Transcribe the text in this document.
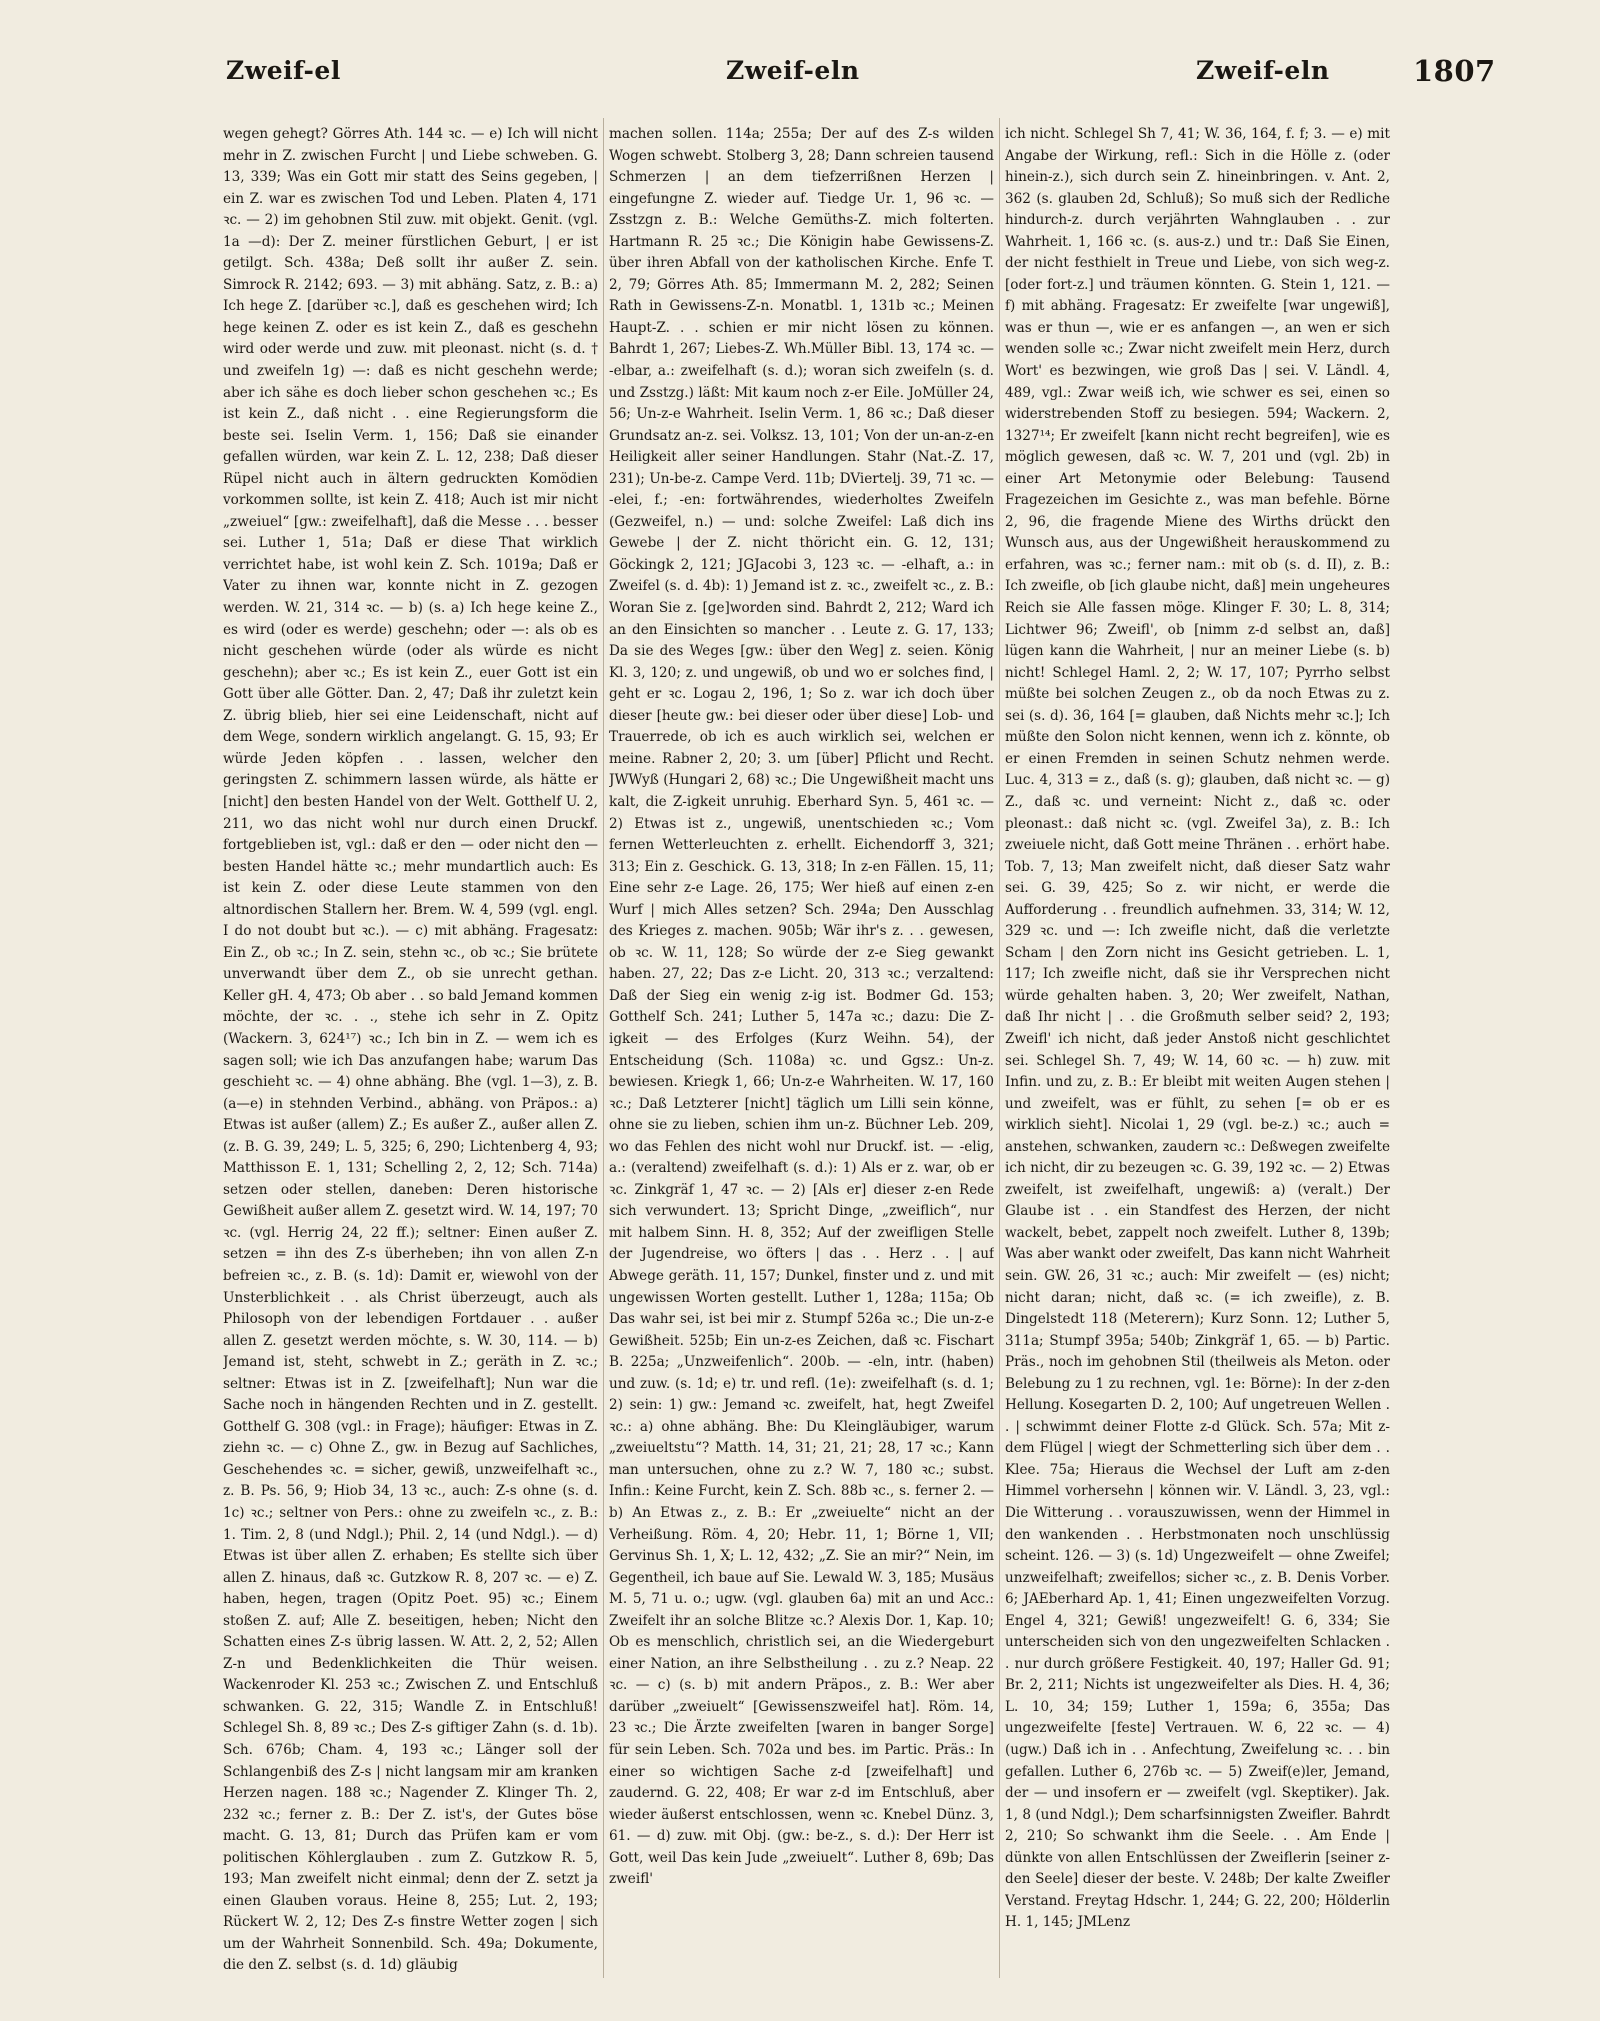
Zweif-el	Zweif-eln	Zweif-eln	1807

wegen gehegt? Görres Ath. 144 ꝛc. — e) Ich will nicht mehr in Z. zwischen Furcht | und Liebe schweben. G. 13, 339; Was ein Gott mir statt des Seins gegeben, | ein Z. war es zwischen Tod und Leben. Platen 4, 171 ꝛc. — 2) im gehobnen Stil zuw. mit objekt. Genit. (vgl. 1a —d): Der Z. meiner fürstlichen Geburt, | er ist getilgt. Sch. 438a; Deß sollt ihr außer Z. sein. Simrock R. 2142; 693. — 3) mit abhäng. Satz, z. B.: a) Ich hege Z. [darüber ꝛc.], daß es geschehen wird; Ich hege keinen Z. oder es ist kein Z., daß es geschehn wird oder werde und zuw. mit pleonast. nicht (s. d. † und zweifeln 1g) —: daß es nicht geschehn werde; aber ich sähe es doch lieber schon geschehen ꝛc.; Es ist kein Z., daß nicht . . eine Regierungsform die beste sei. Iselin Verm. 1, 156; Daß sie einander gefallen würden, war kein Z. L. 12, 238; Daß dieser Rüpel nicht auch in ältern gedruckten Komödien vorkommen sollte, ist kein Z. 418; Auch ist mir nicht „zweiuel“ [gw.: zweifelhaft], daß die Messe . . . besser sei. Luther 1, 51a; Daß er diese That wirklich verrichtet habe, ist wohl kein Z. Sch. 1019a; Daß er Vater zu ihnen war, konnte nicht in Z. gezogen werden. W. 21, 314 ꝛc. — b) (s. a) Ich hege keine Z., es wird (oder es werde) geschehn; oder —: als ob es nicht geschehen würde (oder als würde es nicht geschehn); aber ꝛc.; Es ist kein Z., euer Gott ist ein Gott über alle Götter. Dan. 2, 47; Daß ihr zuletzt kein Z. übrig blieb, hier sei eine Leidenschaft, nicht auf dem Wege, sondern wirklich angelangt. G. 15, 93; Er würde Jeden köpfen . . lassen, welcher den geringsten Z. schimmern lassen würde, als hätte er [nicht] den besten Handel von der Welt. Gotthelf U. 2, 211, wo das nicht wohl nur durch einen Druckf. fortgeblieben ist, vgl.: daß er den — oder nicht den — besten Handel hätte ꝛc.; mehr mundartlich auch: Es ist kein Z. oder diese Leute stammen von den altnordischen Stallern her. Brem. W. 4, 599 (vgl. engl. I do not doubt but ꝛc.). — c) mit abhäng. Fragesatz: Ein Z., ob ꝛc.; In Z. sein, stehn ꝛc., ob ꝛc.; Sie brütete unverwandt über dem Z., ob sie unrecht gethan. Keller gH. 4, 473; Ob aber . . so bald Jemand kommen möchte, der ꝛc. . ., stehe ich sehr in Z. Opitz (Wackern. 3, 624¹⁷) ꝛc.; Ich bin in Z. — wem ich es sagen soll; wie ich Das anzufangen habe; warum Das geschieht ꝛc. — 4) ohne abhäng. Bhe (vgl. 1—3), z. B. (a—e) in stehnden Verbind., abhäng. von Präpos.: a) Etwas ist außer (allem) Z.; Es außer Z., außer allen Z. (z. B. G. 39, 249; L. 5, 325; 6, 290; Lichtenberg 4, 93; Matthisson E. 1, 131; Schelling 2, 2, 12; Sch. 714a) setzen oder stellen, daneben: Deren historische Gewißheit außer allem Z. gesetzt wird. W. 14, 197; 70 ꝛc. (vgl. Herrig 24, 22 ff.); seltner: Einen außer Z. setzen = ihn des Z-s überheben; ihn von allen Z-n befreien ꝛc., z. B. (s. 1d): Damit er, wiewohl von der Unsterblichkeit . . als Christ überzeugt, auch als Philosoph von der lebendigen Fortdauer . . außer allen Z. gesetzt werden möchte, s. W. 30, 114. — b) Jemand ist, steht, schwebt in Z.; geräth in Z. ꝛc.; seltner: Etwas ist in Z. [zweifelhaft]; Nun war die Sache noch in hängenden Rechten und in Z. gestellt. Gotthelf G. 308 (vgl.: in Frage); häufiger: Etwas in Z. ziehn ꝛc. — c) Ohne Z., gw. in Bezug auf Sachliches, Geschehendes ꝛc. = sicher, gewiß, unzweifelhaft ꝛc., z. B. Ps. 56, 9; Hiob 34, 13 ꝛc., auch: Z-s ohne (s. d. 1c) ꝛc.; seltner von Pers.: ohne zu zweifeln ꝛc., z. B.: 1. Tim. 2, 8 (und Ndgl.); Phil. 2, 14 (und Ndgl.). — d) Etwas ist über allen Z. erhaben; Es stellte sich über allen Z. hinaus, daß ꝛc. Gutzkow R. 8, 207 ꝛc. — e) Z. haben, hegen, tragen (Opitz Poet. 95) ꝛc.; Einem stoßen Z. auf; Alle Z. beseitigen, heben; Nicht den Schatten eines Z-s übrig lassen. W. Att. 2, 2, 52; Allen Z-n und Bedenklichkeiten die Thür weisen. Wackenroder Kl. 253 ꝛc.; Zwischen Z. und Entschluß schwanken. G. 22, 315; Wandle Z. in Entschluß! Schlegel Sh. 8, 89 ꝛc.; Des Z-s giftiger Zahn (s. d. 1b). Sch. 676b; Cham. 4, 193 ꝛc.; Länger soll der Schlangenbiß des Z-s | nicht langsam mir am kranken Herzen nagen. 188 ꝛc.; Nagender Z. Klinger Th. 2, 232 ꝛc.; ferner z. B.: Der Z. ist's, der Gutes böse macht. G. 13, 81; Durch das Prüfen kam er vom politischen Köhlerglauben . zum Z. Gutzkow R. 5, 193; Man zweifelt nicht einmal; denn der Z. setzt ja einen Glauben voraus. Heine 8, 255; Lut. 2, 193; Rückert W. 2, 12; Des Z-s finstre Wetter zogen | sich um der Wahrheit Sonnenbild. Sch. 49a; Dokumente, die den Z. selbst (s. d. 1d) gläubig

machen sollen. 114a; 255a; Der auf des Z-s wilden Wogen schwebt. Stolberg 3, 28; Dann schreien tausend Schmerzen | an dem tiefzerrißnen Herzen | eingefungne Z. wieder auf. Tiedge Ur. 1, 96 ꝛc. — Zsstzgn z. B.: Welche Gemüths-Z. mich folterten. Hartmann R. 25 ꝛc.; Die Königin habe Gewissens-Z. über ihren Abfall von der katholischen Kirche. Enfe T. 2, 79; Görres Ath. 85; Immermann M. 2, 282; Seinen Rath in Gewissens-Z-n. Monatbl. 1, 131b ꝛc.; Meinen Haupt-Z. . . schien er mir nicht lösen zu können. Bahrdt 1, 267; Liebes-Z. Wh.Müller Bibl. 13, 174 ꝛc. — -elbar, a.: zweifelhaft (s. d.); woran sich zweifeln (s. d. und Zsstzg.) läßt: Mit kaum noch z-er Eile. JoMüller 24, 56; Un-z-e Wahrheit. Iselin Verm. 1, 86 ꝛc.; Daß dieser Grundsatz an-z. sei. Volksz. 13, 101; Von der un-an-z-en Heiligkeit aller seiner Handlungen. Stahr (Nat.-Z. 17, 231); Un-be-z. Campe Verd. 11b; DViertelj. 39, 71 ꝛc. — -elei, f.; -en: fortwährendes, wiederholtes Zweifeln (Gezweifel, n.) — und: solche Zweifel: Laß dich ins Gewebe | der Z. nicht thöricht ein. G. 12, 131; Göckingk 2, 121; JGJacobi 3, 123 ꝛc. — -elhaft, a.: in Zweifel (s. d. 4b): 1) Jemand ist z. ꝛc., zweifelt ꝛc., z. B.: Woran Sie z. [ge]worden sind. Bahrdt 2, 212; Ward ich an den Einsichten so mancher . . Leute z. G. 17, 133; Da sie des Weges [gw.: über den Weg] z. seien. König Kl. 3, 120; z. und ungewiß, ob und wo er solches find, | geht er ꝛc. Logau 2, 196, 1; So z. war ich doch über dieser [heute gw.: bei dieser oder über diese] Lob- und Trauerrede, ob ich es auch wirklich sei, welchen er meine. Rabner 2, 20; 3. um [über] Pflicht und Recht. JWWyß (Hungari 2, 68) ꝛc.; Die Ungewißheit macht uns kalt, die Z-igkeit unruhig. Eberhard Syn. 5, 461 ꝛc. — 2) Etwas ist z., ungewiß, unentschieden ꝛc.; Vom fernen Wetterleuchten z. erhellt. Eichendorff 3, 321; 313; Ein z. Geschick. G. 13, 318; In z-en Fällen. 15, 11; Eine sehr z-e Lage. 26, 175; Wer hieß auf einen z-en Wurf | mich Alles setzen? Sch. 294a; Den Ausschlag des Krieges z. machen. 905b; Wär ihr's z. . . gewesen, ob ꝛc. W. 11, 128; So würde der z-e Sieg gewankt haben. 27, 22; Das z-e Licht. 20, 313 ꝛc.; verzaltend: Daß der Sieg ein wenig z-ig ist. Bodmer Gd. 153; Gotthelf Sch. 241; Luther 5, 147a ꝛc.; dazu: Die Z-igkeit — des Erfolges (Kurz Weihn. 54), der Entscheidung (Sch. 1108a) ꝛc. und Ggsz.: Un-z. bewiesen. Kriegk 1, 66; Un-z-e Wahrheiten. W. 17, 160 ꝛc.; Daß Letzterer [nicht] täglich um Lilli sein könne, ohne sie zu lieben, schien ihm un-z. Büchner Leb. 209, wo das Fehlen des nicht wohl nur Druckf. ist. — -elig, a.: (veraltend) zweifelhaft (s. d.): 1) Als er z. war, ob er ꝛc. Zinkgräf 1, 47 ꝛc. — 2) [Als er] dieser z-en Rede sich verwundert. 13; Spricht Dinge, „zweiflich“, nur mit halbem Sinn. H. 8, 352; Auf der zweifligen Stelle der Jugendreise, wo öfters | das . . Herz . . | auf Abwege geräth. 11, 157; Dunkel, finster und z. und mit ungewissen Worten gestellt. Luther 1, 128a; 115a; Ob Das wahr sei, ist bei mir z. Stumpf 526a ꝛc.; Die un-z-e Gewißheit. 525b; Ein un-z-es Zeichen, daß ꝛc. Fischart B. 225a; „Unzweifenlich“. 200b. — -eln, intr. (haben) und zuw. (s. 1d; e) tr. und refl. (1e): zweifelhaft (s. d. 1; 2) sein: 1) gw.: Jemand ꝛc. zweifelt, hat, hegt Zweifel ꝛc.: a) ohne abhäng. Bhe: Du Kleingläubiger, warum „zweiueltstu“? Matth. 14, 31; 21, 21; 28, 17 ꝛc.; Kann man untersuchen, ohne zu z.? W. 7, 180 ꝛc.; subst. Infin.: Keine Furcht, kein Z. Sch. 88b ꝛc., s. ferner 2. — b) An Etwas z., z. B.: Er „zweiuelte“ nicht an der Verheißung. Röm. 4, 20; Hebr. 11, 1; Börne 1, VII; Gervinus Sh. 1, X; L. 12, 432; „Z. Sie an mir?“ Nein, im Gegentheil, ich baue auf Sie. Lewald W. 3, 185; Musäus M. 5, 71 u. o.; ugw. (vgl. glauben 6a) mit an und Acc.: Zweifelt ihr an solche Blitze ꝛc.? Alexis Dor. 1, Kap. 10; Ob es menschlich, christlich sei, an die Wiedergeburt einer Nation, an ihre Selbstheilung . . zu z.? Neap. 22 ꝛc. — c) (s. b) mit andern Präpos., z. B.: Wer aber darüber „zweiuelt“ [Gewissenszweifel hat]. Röm. 14, 23 ꝛc.; Die Ärzte zweifelten [waren in banger Sorge] für sein Leben. Sch. 702a und bes. im Partic. Präs.: In einer so wichtigen Sache z-d [zweifelhaft] und zaudernd. G. 22, 408; Er war z-d im Entschluß, aber wieder äußerst entschlossen, wenn ꝛc. Knebel Dünz. 3, 61. — d) zuw. mit Obj. (gw.: be-z., s. d.): Der Herr ist Gott, weil Das kein Jude „zweiuelt“. Luther 8, 69b; Das zweifl'

ich nicht. Schlegel Sh 7, 41; W. 36, 164, f. f; 3. — e) mit Angabe der Wirkung, refl.: Sich in die Hölle z. (oder hinein-z.), sich durch sein Z. hineinbringen. v. Ant. 2, 362 (s. glauben 2d, Schluß); So muß sich der Redliche hindurch-z. durch verjährten Wahnglauben . . zur Wahrheit. 1, 166 ꝛc. (s. aus-z.) und tr.: Daß Sie Einen, der nicht festhielt in Treue und Liebe, von sich weg-z. [oder fort-z.] und träumen könnten. G. Stein 1, 121. — f) mit abhäng. Fragesatz: Er zweifelte [war ungewiß], was er thun —, wie er es anfangen —, an wen er sich wenden solle ꝛc.; Zwar nicht zweifelt mein Herz, durch Wort' es bezwingen, wie groß Das | sei. V. Ländl. 4, 489, vgl.: Zwar weiß ich, wie schwer es sei, einen so widerstrebenden Stoff zu besiegen. 594; Wackern. 2, 1327¹⁴; Er zweifelt [kann nicht recht begreifen], wie es möglich gewesen, daß ꝛc. W. 7, 201 und (vgl. 2b) in einer Art Metonymie oder Belebung: Tausend Fragezeichen im Gesichte z., was man befehle. Börne 2, 96, die fragende Miene des Wirths drückt den Wunsch aus, aus der Ungewißheit herauskommend zu erfahren, was ꝛc.; ferner nam.: mit ob (s. d. II), z. B.: Ich zweifle, ob [ich glaube nicht, daß] mein ungeheures Reich sie Alle fassen möge. Klinger F. 30; L. 8, 314; Lichtwer 96; Zweifl', ob [nimm z-d selbst an, daß] lügen kann die Wahrheit, | nur an meiner Liebe (s. b) nicht! Schlegel Haml. 2, 2; W. 17, 107; Pyrrho selbst müßte bei solchen Zeugen z., ob da noch Etwas zu z. sei (s. d). 36, 164 [= glauben, daß Nichts mehr ꝛc.]; Ich müßte den Solon nicht kennen, wenn ich z. könnte, ob er einen Fremden in seinen Schutz nehmen werde. Luc. 4, 313 = z., daß (s. g); glauben, daß nicht ꝛc. — g) Z., daß ꝛc. und verneint: Nicht z., daß ꝛc. oder pleonast.: daß nicht ꝛc. (vgl. Zweifel 3a), z. B.: Ich zweiuele nicht, daß Gott meine Thränen . . erhört habe. Tob. 7, 13; Man zweifelt nicht, daß dieser Satz wahr sei. G. 39, 425; So z. wir nicht, er werde die Aufforderung . . freundlich aufnehmen. 33, 314; W. 12, 329 ꝛc. und —: Ich zweifle nicht, daß die verletzte Scham | den Zorn nicht ins Gesicht getrieben. L. 1, 117; Ich zweifle nicht, daß sie ihr Versprechen nicht würde gehalten haben. 3, 20; Wer zweifelt, Nathan, daß Ihr nicht | . . die Großmuth selber seid? 2, 193; Zweifl' ich nicht, daß jeder Anstoß nicht geschlichtet sei. Schlegel Sh. 7, 49; W. 14, 60 ꝛc. — h) zuw. mit Infin. und zu, z. B.: Er bleibt mit weiten Augen stehen | und zweifelt, was er fühlt, zu sehen [= ob er es wirklich sieht]. Nicolai 1, 29 (vgl. be-z.) ꝛc.; auch = anstehen, schwanken, zaudern ꝛc.: Deßwegen zweifelte ich nicht, dir zu bezeugen ꝛc. G. 39, 192 ꝛc. — 2) Etwas zweifelt, ist zweifelhaft, ungewiß: a) (veralt.) Der Glaube ist . . ein Standfest des Herzen, der nicht wackelt, bebet, zappelt noch zweifelt. Luther 8, 139b; Was aber wankt oder zweifelt, Das kann nicht Wahrheit sein. GW. 26, 31 ꝛc.; auch: Mir zweifelt — (es) nicht; nicht daran; nicht, daß ꝛc. (= ich zweifle), z. B. Dingelstedt 118 (Meterern); Kurz Sonn. 12; Luther 5, 311a; Stumpf 395a; 540b; Zinkgräf 1, 65. — b) Partic. Präs., noch im gehobnen Stil (theilweis als Meton. oder Belebung zu 1 zu rechnen, vgl. 1e: Börne): In der z-den Hellung. Kosegarten D. 2, 100; Auf ungetreuen Wellen . . | schwimmt deiner Flotte z-d Glück. Sch. 57a; Mit z-dem Flügel | wiegt der Schmetterling sich über dem . . Klee. 75a; Hieraus die Wechsel der Luft am z-den Himmel vorhersehn | können wir. V. Ländl. 3, 23, vgl.: Die Witterung . . vorauszuwissen, wenn der Himmel in den wankenden . . Herbstmonaten noch unschlüssig scheint. 126. — 3) (s. 1d) Ungezweifelt — ohne Zweifel; unzweifelhaft; zweifellos; sicher ꝛc., z. B. Denis Vorber. 6; JAEberhard Ap. 1, 41; Einen ungezweifelten Vorzug. Engel 4, 321; Gewiß! ungezweifelt! G. 6, 334; Sie unterscheiden sich von den ungezweifelten Schlacken . . nur durch größere Festigkeit. 40, 197; Haller Gd. 91; Br. 2, 211; Nichts ist ungezweifelter als Dies. H. 4, 36; L. 10, 34; 159; Luther 1, 159a; 6, 355a; Das ungezweifelte [feste] Vertrauen. W. 6, 22 ꝛc. — 4) (ugw.) Daß ich in . . Anfechtung, Zweifelung ꝛc. . . bin gefallen. Luther 6, 276b ꝛc. — 5) Zweif(e)ler, Jemand, der — und insofern er — zweifelt (vgl. Skeptiker). Jak. 1, 8 (und Ndgl.); Dem scharfsinnigsten Zweifler. Bahrdt 2, 210; So schwankt ihm die Seele. . . Am Ende | dünkte von allen Entschlüssen der Zweiflerin [seiner z-den Seele] dieser der beste. V. 248b; Der kalte Zweifler Verstand. Freytag Hdschr. 1, 244; G. 22, 200; Hölderlin H. 1, 145; JMLenz
